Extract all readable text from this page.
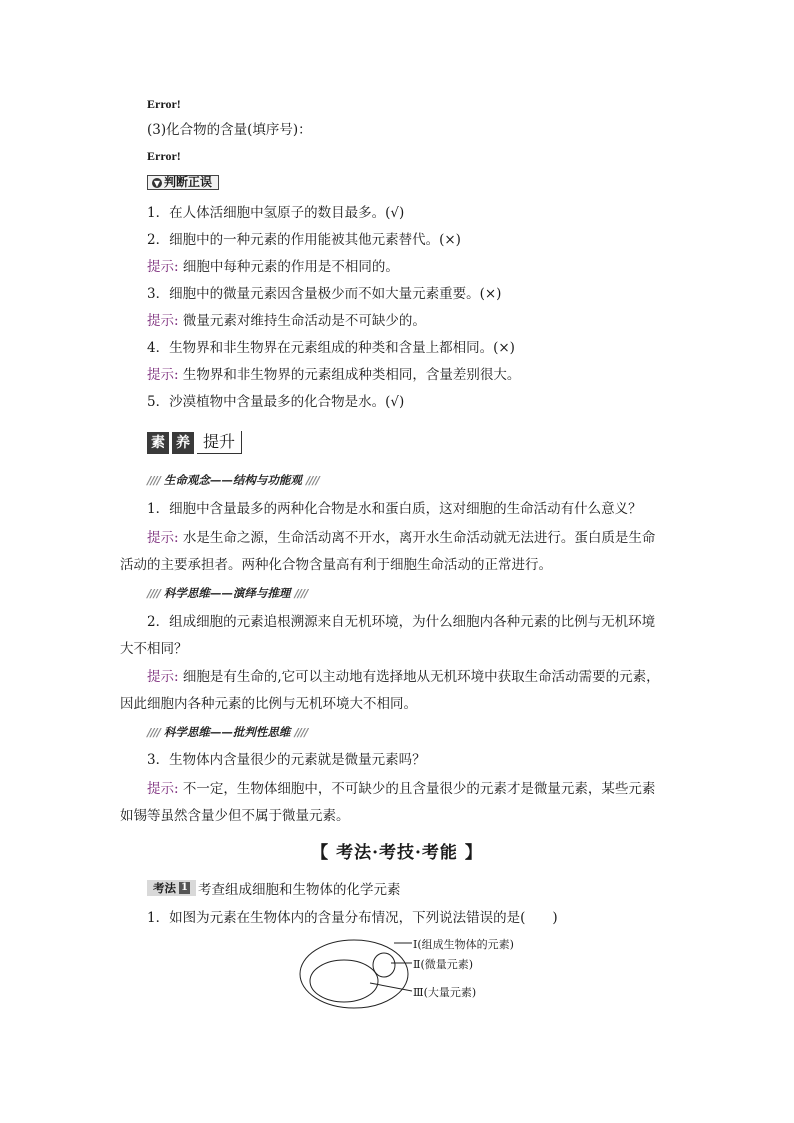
Error!
(3)化合物的含量(填序号)：
Error!
▼ 判断正误
1．在人体活细胞中氢原子的数目最多。(√)
2．细胞中的一种元素的作用能被其他元素替代。(×)
提示: 细胞中每种元素的作用是不相同的。
3．细胞中的微量元素因含量极少而不如大量元素重要。(×)
提示: 微量元素对维持生命活动是不可缺少的。
4．生物界和非生物界在元素组成的种类和含量上都相同。(×)
提示: 生物界和非生物界的元素组成种类相同，含量差别很大。
5．沙漠植物中含量最多的化合物是水。(√)
素 养 提升
//// 生命观念——结构与功能观 ////
1．细胞中含量最多的两种化合物是水和蛋白质，这对细胞的生命活动有什么意义？
提示: 水是生命之源，生命活动离不开水，离开水生命活动就无法进行。蛋白质是生命
活动的主要承担者。两种化合物含量高有利于细胞生命活动的正常进行。
//// 科学思维——演绎与推理 ////
2．组成细胞的元素追根溯源来自无机环境，为什么细胞内各种元素的比例与无机环境
大不相同？
提示: 细胞是有生命的,它可以主动地有选择地从无机环境中获取生命活动需要的元素，
因此细胞内各种元素的比例与无机环境大不相同。
//// 科学思维——批判性思维 ////
3．生物体内含量很少的元素就是微量元素吗？
提示: 不一定，生物体细胞中，不可缺少的且含量很少的元素才是微量元素，某些元素
如锡等虽然含量少但不属于微量元素。
【 考法·考技·考能 】
考法 1 考查组成细胞和生物体的化学元素
1．如图为元素在生物体内的含量分布情况，下列说法错误的是(　　)
Ⅰ(组成生物体的元素)
Ⅱ(微量元素)
Ⅲ(大量元素)
